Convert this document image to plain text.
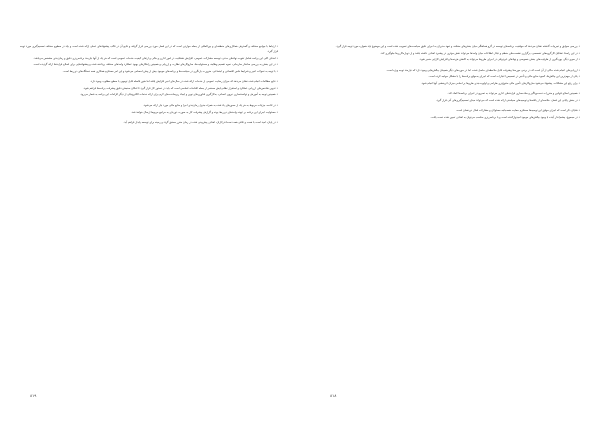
• ارتباط با جوامع مختلف و گسترش همکاری‌های منطقه‌ای و بین‌المللی از جمله مواردی است که در این فصل مورد بررسی قرار گرفته و نتایج آن در قالب پیشنهادهای عملی ارائه شده است و باید در سطوح مختلف تصمیم‌گیری مورد توجه قرار گیرد.

• اهداف کلی این برنامه شامل تقویت نهادهای مدنی، توسعه مشارکت عمومی، افزایش شفافیت در امور اداری و مالی و ارتقای کیفیت خدمات عمومی است که هر یک از آنها نیازمند برنامه‌ریزی دقیق و زمان‌بندی مشخص می‌باشد.

• در این بخش به بررسی ساختار سازمانی، نحوه تقسیم وظایف و مسئولیت‌ها، سازوکارهای نظارت و ارزیابی و همچنین راهکارهای بهبود عملکرد واحدهای مختلف پرداخته شده و پیشنهادهایی برای اصلاح فرایندها ارائه گردیده است.

• با توجه به تحولات اخیر و شرایط خاص اقتصادی و اجتماعی، ضرورت بازنگری در سیاست‌ها و برنامه‌های موجود بیش از پیش احساس می‌شود و این امر مستلزم همکاری همه دستگاه‌های ذی‌ربط است.

• نتایج مطالعات انجام شده نشان می‌دهد که میزان رضایت عمومی از خدمات ارائه شده در سال‌های اخیر افزایش یافته اما هنوز فاصله قابل توجهی با سطح مطلوب وجود دارد.

• تدوین شاخص‌های ارزیابی عملکرد و استقرار نظام پایش مستمر از جمله اقدامات اساسی است که باید در دستور کار قرار گیرد تا امکان سنجش دقیق پیشرفت برنامه‌ها فراهم شود.

• همچنین توجه به آموزش و توانمندسازی نیروی انسانی، به‌کارگیری فناوری‌های نوین و ایجاد زیرساخت‌های لازم برای ارائه خدمات الکترونیکی از دیگر الزامات این برنامه به شمار می‌رود.

• در ادامه، جزئیات مربوط به هر یک از محورهای یاد شده به همراه جدول زمان‌بندی اجرا و منابع مالی مورد نیاز ارائه می‌شود.

• مسئولیت اجرای این برنامه بر عهده واحدهای ذی‌ربط بوده و گزارش پیشرفت کار به صورت دوره‌ای به مراجع مربوط ارسال خواهد شد.

• در پایان، امید است با همت و تلاش همه دست‌اندرکاران، اهداف پیش‌بینی شده در زمان مقرر محقق گردد و زمینه برای توسعه پایدار فراهم آید.

٨١٩

• بررسی سوابق و تجربیات گذشته نشان می‌دهد که موفقیت برنامه‌های توسعه در گرو هماهنگی میان بخش‌های مختلف و تعهد مدیران به اجرای دقیق سیاست‌های تصویب شده است و این موضوع باید همواره مورد توجه قرار گیرد.

• در این راستا، تشکیل کارگروه‌های تخصصی، برگزاری نشست‌های منظم و تبادل اطلاعات میان واحدها می‌تواند نقش مؤثری در پیشبرد اهداف داشته باشد و از دوباره‌کاری‌ها جلوگیری کند.

• از سوی دیگر، بهره‌گیری از ظرفیت‌های بخش خصوصی و نهادهای غیردولتی در اجرای طرح‌ها می‌تواند به کاهش هزینه‌ها و افزایش کارایی منجر شود.

• ارزیابی‌های انجام شده حاکی از آن است که در برخی حوزه‌ها پیشرفت قابل ملاحظه‌ای حاصل شده، اما در حوزه‌های دیگر همچنان چالش‌هایی وجود دارد که نیازمند توجه ویژه است.

• یکی از مهم‌ترین این چالش‌ها، کمبود منابع مالی و تأخیر در تخصیص اعتبارات است که اجرای به‌موقع برنامه‌ها را با مشکل مواجه کرده است.

• برای رفع این مشکلات، پیشنهاد می‌شود سازوکارهای تأمین مالی متنوع‌تری طراحی و اولویت‌بندی طرح‌ها بر اساس میزان اثربخشی آنها انجام شود.

• همچنین اصلاح قوانین و مقررات دست‌وپاگیر و ساده‌سازی فرایندهای اداری می‌تواند به تسریع در اجرای برنامه‌ها کمک کند.

• در بخش پایانی این فصل، خلاصه‌ای از یافته‌ها و توصیه‌های سیاستی ارائه شده است که می‌تواند مبنای تصمیم‌گیری‌های آتی قرار گیرد.

• شایان ذکر است که اجرای موفق این توصیه‌ها مستلزم حمایت همه‌جانبه مسئولان و مشارکت فعال ذی‌نفعان است.

• در مجموع، چشم‌انداز آینده با وجود چالش‌های موجود امیدوارکننده است و با برنامه‌ریزی مناسب می‌توان به اهداف تعیین شده دست یافت.

٨١٨
